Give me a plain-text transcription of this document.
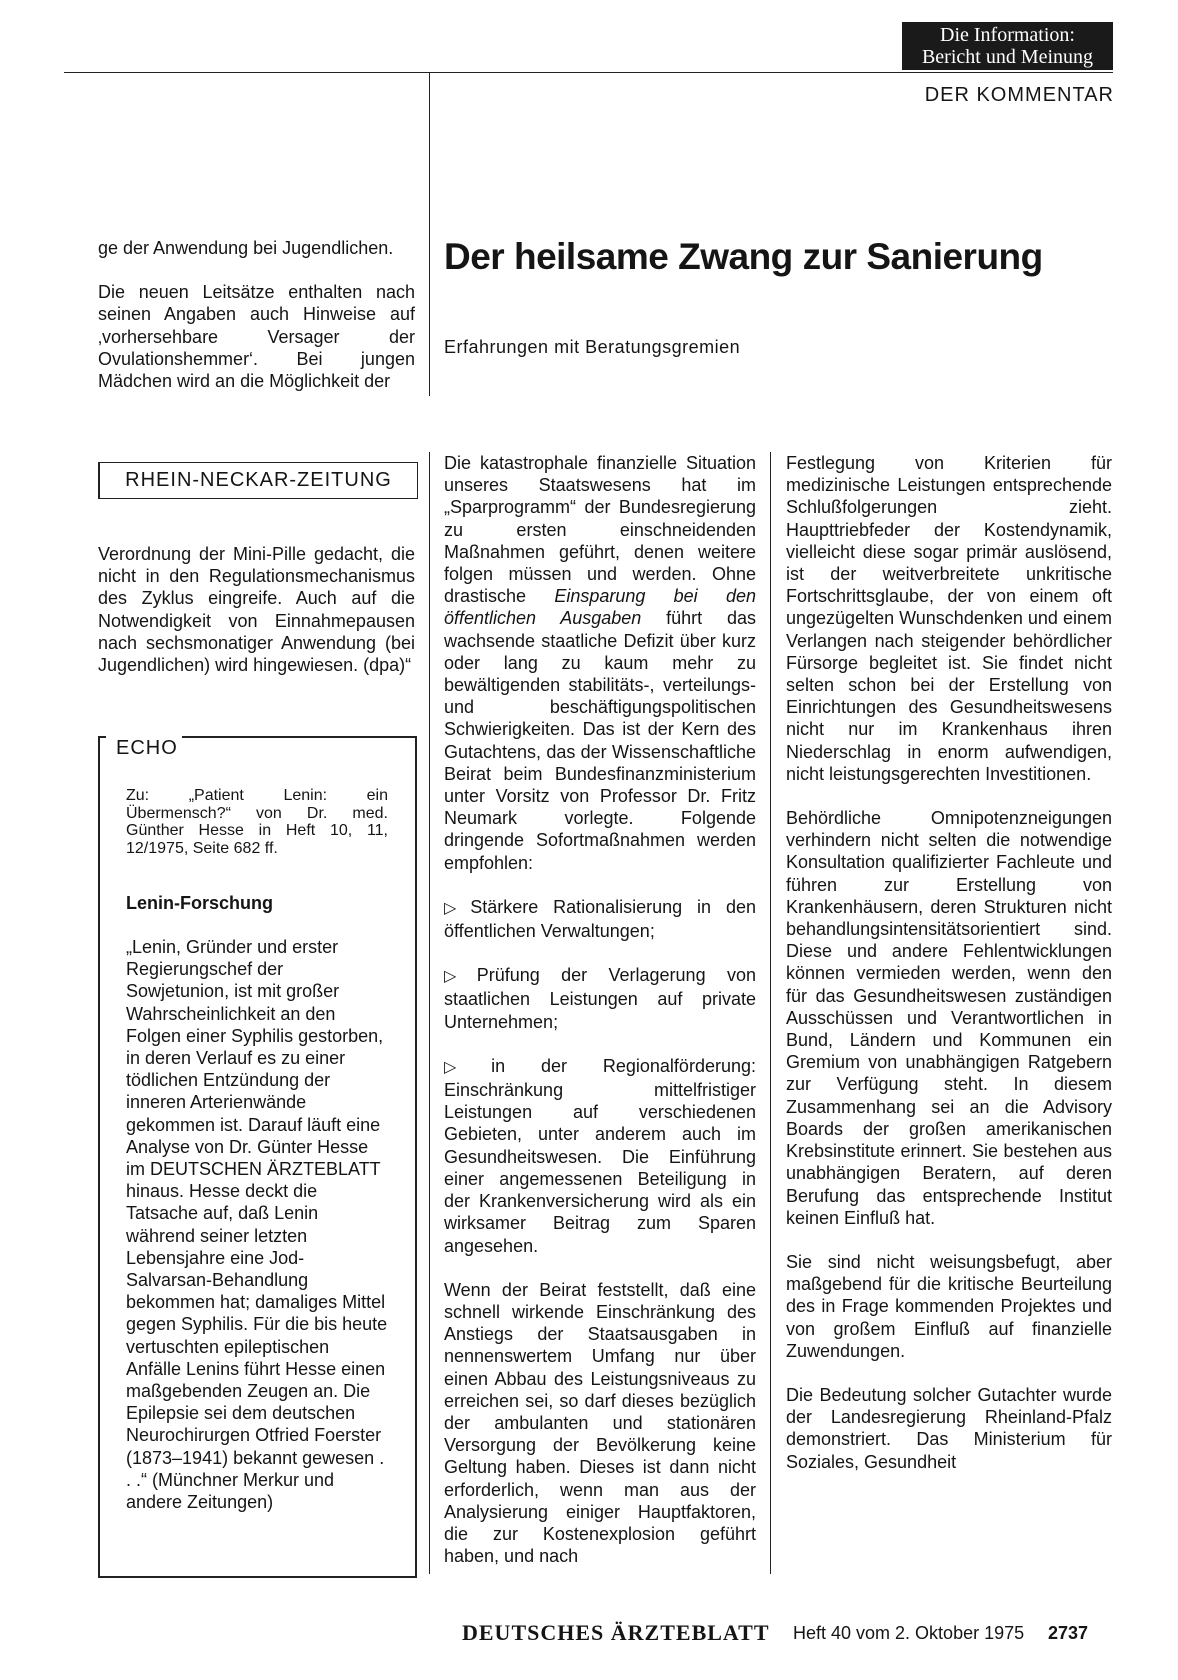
Die Information:
Bericht und Meinung
DER KOMMENTAR
Der heilsame Zwang zur Sanierung
Erfahrungen mit Beratungsgremien

ge der Anwendung bei Jugendlichen.

Die neuen Leitsätze enthalten nach seinen Angaben auch Hinweise auf ‚vorhersehbare Versager der Ovulationshemmer‘. Bei jungen Mädchen wird an die Möglichkeit der

RHEIN-NECKAR-ZEITUNG

Verordnung der Mini-Pille gedacht, die nicht in den Regulationsmechanismus des Zyklus eingreife. Auch auf die Notwendigkeit von Einnahmepausen nach sechsmonatiger Anwendung (bei Jugendlichen) wird hingewiesen. (dpa)“

ECHO

Zu: „Patient Lenin: ein Übermensch?“ von Dr. med. Günther Hesse in Heft 10, 11, 12/1975, Seite 682 ff.

Lenin-Forschung

„Lenin, Gründer und erster Regierungschef der Sowjetunion, ist mit großer Wahrscheinlichkeit an den Folgen einer Syphilis gestorben, in deren Verlauf es zu einer tödlichen Entzündung der inneren Arterienwände gekommen ist. Darauf läuft eine Analyse von Dr. Günter Hesse im DEUTSCHEN ÄRZTEBLATT hinaus. Hesse deckt die Tatsache auf, daß Lenin während seiner letzten Lebensjahre eine Jod-Salvarsan-Behandlung bekommen hat; damaliges Mittel gegen Syphilis. Für die bis heute vertuschten epileptischen Anfälle Lenins führt Hesse einen maßgebenden Zeugen an. Die Epilepsie sei dem deutschen Neurochirurgen Otfried Foerster (1873–1941) bekannt gewesen . . .“ (Münchner Merkur und andere Zeitungen)

Die katastrophale finanzielle Situation unseres Staatswesens hat im „Sparprogramm“ der Bundesregierung zu ersten einschneidenden Maßnahmen geführt, denen weitere folgen müssen und werden. Ohne drastische Einsparung bei den öffentlichen Ausgaben führt das wachsende staatliche Defizit über kurz oder lang zu kaum mehr zu bewältigenden stabilitäts-, verteilungs- und beschäftigungspolitischen Schwierigkeiten. Das ist der Kern des Gutachtens, das der Wissenschaftliche Beirat beim Bundesfinanzministerium unter Vorsitz von Professor Dr. Fritz Neumark vorlegte. Folgende dringende Sofortmaßnahmen werden empfohlen:

▷ Stärkere Rationalisierung in den öffentlichen Verwaltungen;

▷ Prüfung der Verlagerung von staatlichen Leistungen auf private Unternehmen;

▷ in der Regionalförderung: Einschränkung mittelfristiger Leistungen auf verschiedenen Gebieten, unter anderem auch im Gesundheitswesen. Die Einführung einer angemessenen Beteiligung in der Krankenversicherung wird als ein wirksamer Beitrag zum Sparen angesehen.

Wenn der Beirat feststellt, daß eine schnell wirkende Einschränkung des Anstiegs der Staatsausgaben in nennenswertem Umfang nur über einen Abbau des Leistungsniveaus zu erreichen sei, so darf dieses bezüglich der ambulanten und stationären Versorgung der Bevölkerung keine Geltung haben. Dieses ist dann nicht erforderlich, wenn man aus der Analysierung einiger Hauptfaktoren, die zur Kostenexplosion geführt haben, und nach

Festlegung von Kriterien für medizinische Leistungen entsprechende Schlußfolgerungen zieht. Haupttriebfeder der Kostendynamik, vielleicht diese sogar primär auslösend, ist der weitverbreitete unkritische Fortschrittsglaube, der von einem oft ungezügelten Wunschdenken und einem Verlangen nach steigender behördlicher Fürsorge begleitet ist. Sie findet nicht selten schon bei der Erstellung von Einrichtungen des Gesundheitswesens nicht nur im Krankenhaus ihren Niederschlag in enorm aufwendigen, nicht leistungsgerechten Investitionen.

Behördliche Omnipotenzneigungen verhindern nicht selten die notwendige Konsultation qualifizierter Fachleute und führen zur Erstellung von Krankenhäusern, deren Strukturen nicht behandlungsintensitätsorientiert sind. Diese und andere Fehlentwicklungen können vermieden werden, wenn den für das Gesundheitswesen zuständigen Ausschüssen und Verantwortlichen in Bund, Ländern und Kommunen ein Gremium von unabhängigen Ratgebern zur Verfügung steht. In diesem Zusammenhang sei an die Advisory Boards der großen amerikanischen Krebsinstitute erinnert. Sie bestehen aus unabhängigen Beratern, auf deren Berufung das entsprechende Institut keinen Einfluß hat.

Sie sind nicht weisungsbefugt, aber maßgebend für die kritische Beurteilung des in Frage kommenden Projektes und von großem Einfluß auf finanzielle Zuwendungen.

Die Bedeutung solcher Gutachter wurde der Landesregierung Rheinland-Pfalz demonstriert. Das Ministerium für Soziales, Gesundheit

DEUTSCHES ÄRZTEBLATT Heft 40 vom 2. Oktober 1975 2737
